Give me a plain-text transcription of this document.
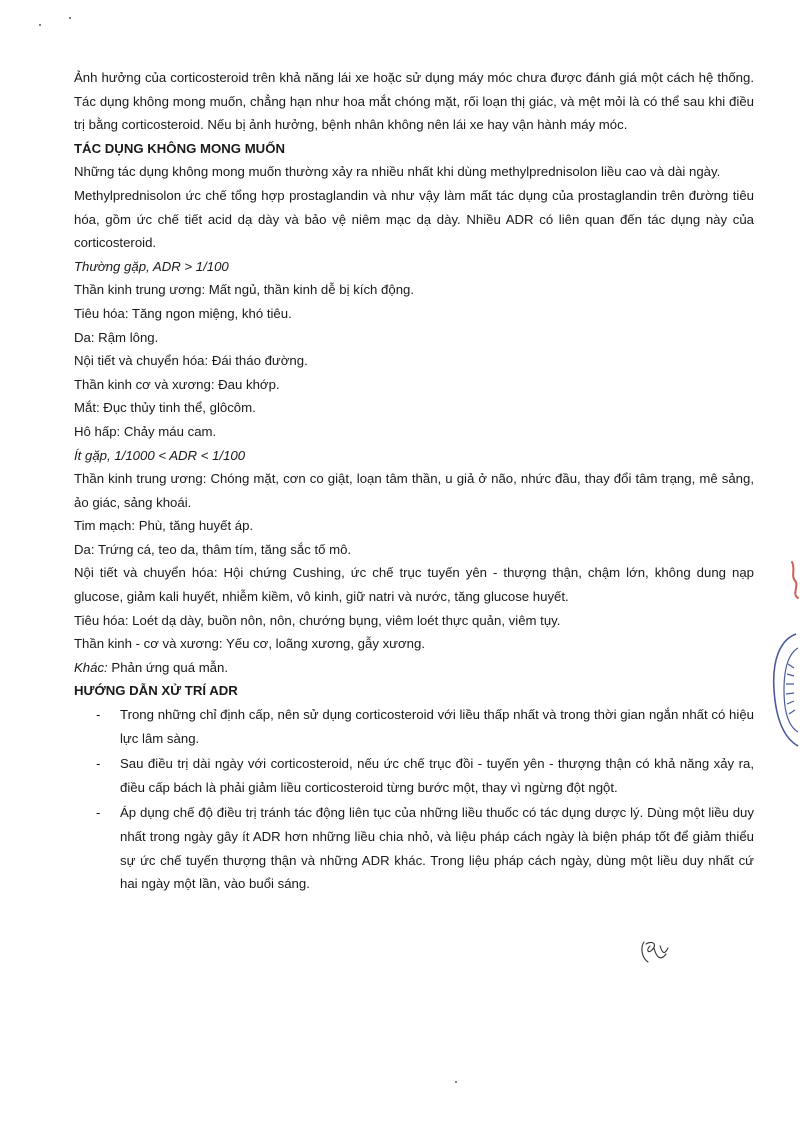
Ảnh hưởng của corticosteroid trên khả năng lái xe hoặc sử dụng máy móc chưa được đánh giá một cách hệ thống. Tác dụng không mong muốn, chẳng hạn như hoa mắt chóng mặt, rối loạn thị giác, và mệt mỏi là có thể sau khi điều trị bằng corticosteroid. Nếu bị ảnh hưởng, bệnh nhân không nên lái xe hay vận hành máy móc.

TÁC DỤNG KHÔNG MONG MUỐN

Những tác dụng không mong muốn thường xảy ra nhiều nhất khi dùng methylprednisolon liều cao và dài ngày.

Methylprednisolon ức chế tổng hợp prostaglandin và như vậy làm mất tác dụng của prostaglandin trên đường tiêu hóa, gồm ức chế tiết acid dạ dày và bảo vệ niêm mạc dạ dày. Nhiều ADR có liên quan đến tác dụng này của corticosteroid.

Thường gặp, ADR > 1/100

Thần kinh trung ương: Mất ngủ, thần kinh dễ bị kích động.

Tiêu hóa: Tăng ngon miệng, khó tiêu.

Da: Rậm lông.

Nội tiết và chuyển hóa: Đái tháo đường.

Thần kinh cơ và xương: Đau khớp.

Mắt: Đục thủy tinh thể, glôcôm.

Hô hấp: Chảy máu cam.

Ít gặp, 1/1000 < ADR < 1/100

Thần kinh trung ương: Chóng mặt, cơn co giật, loạn tâm thần, u giả ở não, nhức đầu, thay đổi tâm trạng, mê sảng, ảo giác, sảng khoái.

Tim mạch: Phù, tăng huyết áp.

Da: Trứng cá, teo da, thâm tím, tăng sắc tố mô.

Nội tiết và chuyển hóa: Hội chứng Cushing, ức chế trục tuyến yên - thượng thận, chậm lớn, không dung nạp glucose, giảm kali huyết, nhiễm kiềm, vô kinh, giữ natri và nước, tăng glucose huyết.

Tiêu hóa: Loét dạ dày, buồn nôn, nôn, chướng bụng, viêm loét thực quản, viêm tụy.

Thần kinh - cơ và xương: Yếu cơ, loãng xương, gẫy xương.

Khác: Phản ứng quá mẫn.

HƯỚNG DẪN XỬ TRÍ ADR

- Trong những chỉ định cấp, nên sử dụng corticosteroid với liều thấp nhất và trong thời gian ngắn nhất có hiệu lực lâm sàng.
- Sau điều trị dài ngày với corticosteroid, nếu ức chế trục đồi - tuyến yên - thượng thận có khả năng xảy ra, điều cấp bách là phải giảm liều corticosteroid từng bước một, thay vì ngừng đột ngột.
- Áp dụng chế độ điều trị tránh tác động liên tục của những liều thuốc có tác dụng dược lý. Dùng một liều duy nhất trong ngày gây ít ADR hơn những liều chia nhỏ, và liệu pháp cách ngày là biện pháp tốt để giảm thiểu sự ức chế tuyến thượng thận và những ADR khác. Trong liệu pháp cách ngày, dùng một liều duy nhất cứ hai ngày một lần, vào buổi sáng.
